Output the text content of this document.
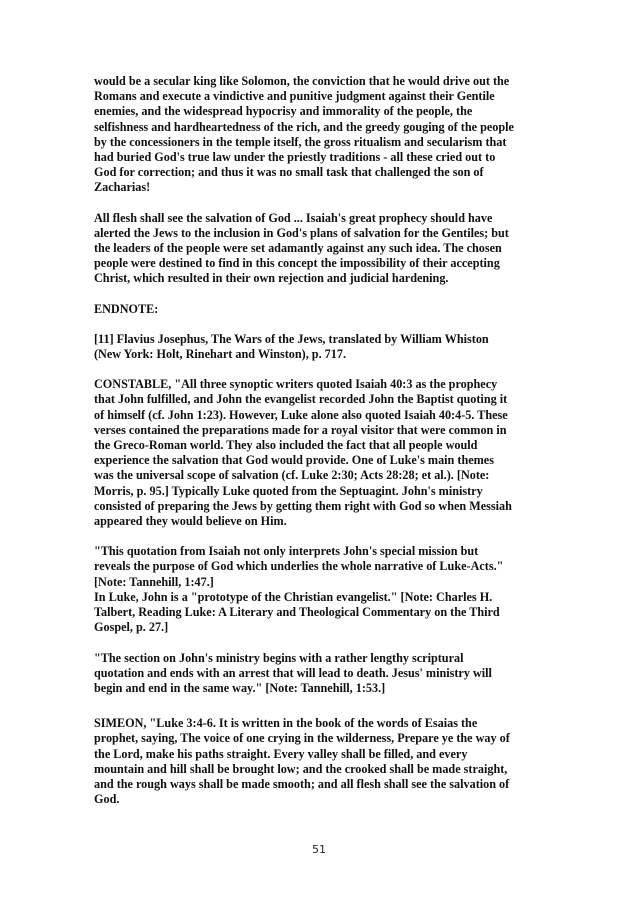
would be a secular king like Solomon, the conviction that he would drive out the
Romans and execute a vindictive and punitive judgment against their Gentile
enemies, and the widespread hypocrisy and immorality of the people, the
selfishness and hardheartedness of the rich, and the greedy gouging of the people
by the concessioners in the temple itself, the gross ritualism and secularism that
had buried God's true law under the priestly traditions - all these cried out to
God for correction; and thus it was no small task that challenged the son of
Zacharias!

All flesh shall see the salvation of God ... Isaiah's great prophecy should have
alerted the Jews to the inclusion in God's plans of salvation for the Gentiles; but
the leaders of the people were set adamantly against any such idea. The chosen
people were destined to find in this concept the impossibility of their accepting
Christ, which resulted in their own rejection and judicial hardening.

ENDNOTE:

[11] Flavius Josephus, The Wars of the Jews, translated by William Whiston
(New York: Holt, Rinehart and Winston), p. 717.

CONSTABLE, "All three synoptic writers quoted Isaiah 40:3 as the prophecy
that John fulfilled, and John the evangelist recorded John the Baptist quoting it
of himself (cf. John 1:23). However, Luke alone also quoted Isaiah 40:4-5. These
verses contained the preparations made for a royal visitor that were common in
the Greco-Roman world. They also included the fact that all people would
experience the salvation that God would provide. One of Luke's main themes
was the universal scope of salvation (cf. Luke 2:30; Acts 28:28; et al.). [Note:
Morris, p. 95.] Typically Luke quoted from the Septuagint. John's ministry
consisted of preparing the Jews by getting them right with God so when Messiah
appeared they would believe on Him.

"This quotation from Isaiah not only interprets John's special mission but
reveals the purpose of God which underlies the whole narrative of Luke-Acts."
[Note: Tannehill, 1:47.]

In Luke, John is a "prototype of the Christian evangelist." [Note: Charles H.
Talbert, Reading Luke: A Literary and Theological Commentary on the Third
Gospel, p. 27.]

"The section on John's ministry begins with a rather lengthy scriptural
quotation and ends with an arrest that will lead to death. Jesus' ministry will
begin and end in the same way." [Note: Tannehill, 1:53.]

SIMEON, "Luke 3:4-6. It is written in the book of the words of Esaias the
prophet, saying, The voice of one crying in the wilderness, Prepare ye the way of
the Lord, make his paths straight. Every valley shall be filled, and every
mountain and hill shall be brought low; and the crooked shall be made straight,
and the rough ways shall be made smooth; and all flesh shall see the salvation of
God.

51
